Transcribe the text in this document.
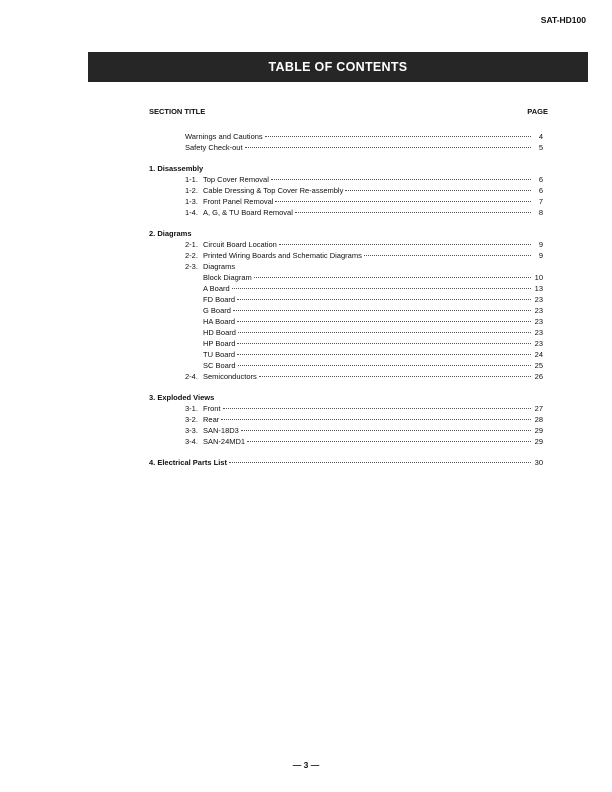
SAT-HD100
TABLE OF CONTENTS
SECTION TITLE	PAGE
Warnings and Cautions	4
Safety Check-out	5
1. Disassembly
1-1. Top Cover Removal	6
1-2. Cable Dressing & Top Cover Re-assembly	6
1-3. Front Panel Removal	7
1-4. A, G, & TU Board Removal	8
2. Diagrams
2-1. Circuit Board Location	9
2-2. Printed Wiring Boards and Schematic Diagrams	9
2-3. Diagrams
Block Diagram	10
A Board	13
FD Board	23
G Board	23
HA Board	23
HD Board	23
HP Board	23
TU Board	24
SC Board	25
2-4. Semiconductors	26
3. Exploded Views
3-1. Front	27
3-2. Rear	28
3-3. SAN-18D3	29
3-4. SAN-24MD1	29
4. Electrical Parts List	30
— 3 —
